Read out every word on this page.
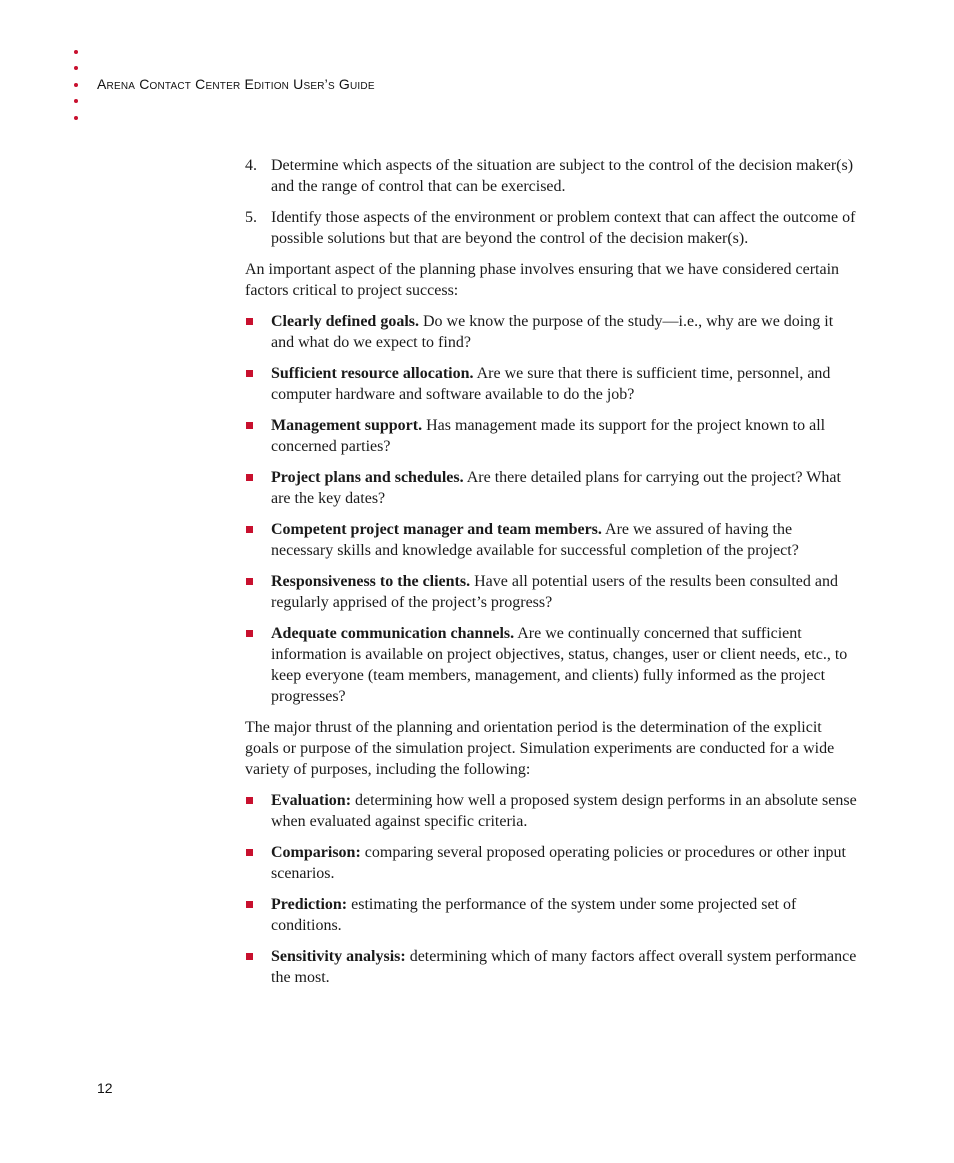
Arena Contact Center Edition User’s Guide
4. Determine which aspects of the situation are subject to the control of the decision maker(s) and the range of control that can be exercised.
5. Identify those aspects of the environment or problem context that can affect the outcome of possible solutions but that are beyond the control of the decision maker(s).

An important aspect of the planning phase involves ensuring that we have considered certain factors critical to project success:

Clearly defined goals. Do we know the purpose of the study—i.e., why are we doing it and what do we expect to find?
Sufficient resource allocation. Are we sure that there is sufficient time, personnel, and computer hardware and software available to do the job?
Management support. Has management made its support for the project known to all concerned parties?
Project plans and schedules. Are there detailed plans for carrying out the project? What are the key dates?
Competent project manager and team members. Are we assured of having the necessary skills and knowledge available for successful completion of the project?
Responsiveness to the clients. Have all potential users of the results been consulted and regularly apprised of the project’s progress?
Adequate communication channels. Are we continually concerned that sufficient information is available on project objectives, status, changes, user or client needs, etc., to keep everyone (team members, management, and clients) fully informed as the project progresses?

The major thrust of the planning and orientation period is the determination of the explicit goals or purpose of the simulation project. Simulation experiments are conducted for a wide variety of purposes, including the following:

Evaluation: determining how well a proposed system design performs in an absolute sense when evaluated against specific criteria.
Comparison: comparing several proposed operating policies or procedures or other input scenarios.
Prediction: estimating the performance of the system under some projected set of conditions.
Sensitivity analysis: determining which of many factors affect overall system performance the most.
12
